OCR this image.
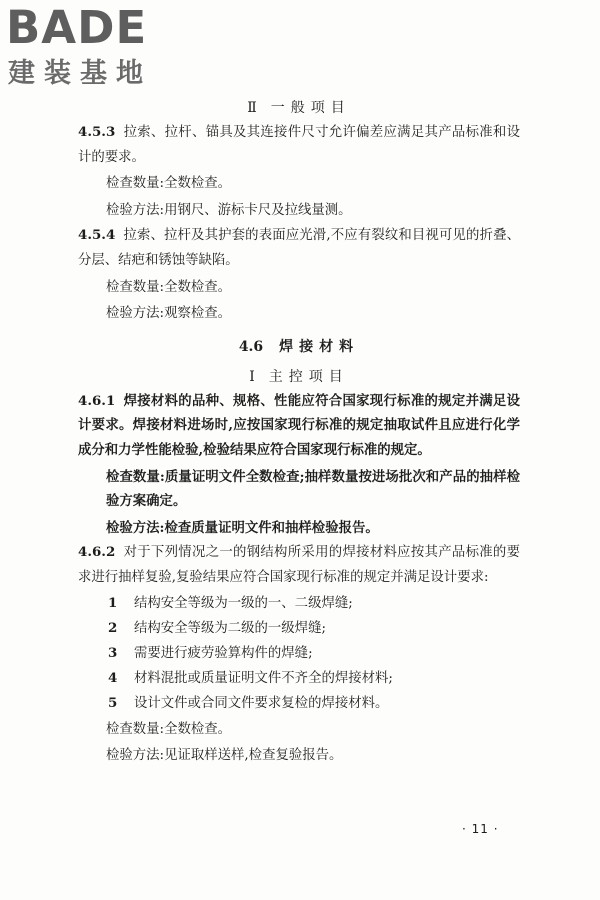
BADE
建装基地
Ⅱ 一般项目

4.5.3 拉索、拉杆、锚具及其连接件尺寸允许偏差应满足其产品标准和设计的要求。

检查数量:全数检查。

检验方法:用钢尺、游标卡尺及拉线量测。

4.5.4 拉索、拉杆及其护套的表面应光滑,不应有裂纹和目视可见的折叠、分层、结疤和锈蚀等缺陷。

检查数量:全数检查。

检验方法:观察检查。

4.6 焊接材料
Ⅰ 主控项目

4.6.1 焊接材料的品种、规格、性能应符合国家现行标准的规定并满足设计要求。焊接材料进场时,应按国家现行标准的规定抽取试件且应进行化学成分和力学性能检验,检验结果应符合国家现行标准的规定。

检查数量:质量证明文件全数检查;抽样数量按进场批次和产品的抽样检验方案确定。

检验方法:检查质量证明文件和抽样检验报告。

4.6.2 对于下列情况之一的钢结构所采用的焊接材料应按其产品标准的要求进行抽样复验,复验结果应符合国家现行标准的规定并满足设计要求:

1 结构安全等级为一级的一、二级焊缝;
2 结构安全等级为二级的一级焊缝;
3 需要进行疲劳验算构件的焊缝;
4 材料混批或质量证明文件不齐全的焊接材料;
5 设计文件或合同文件要求复检的焊接材料。

检查数量:全数检查。

检验方法:见证取样送样,检查复验报告。

· 11 ·
